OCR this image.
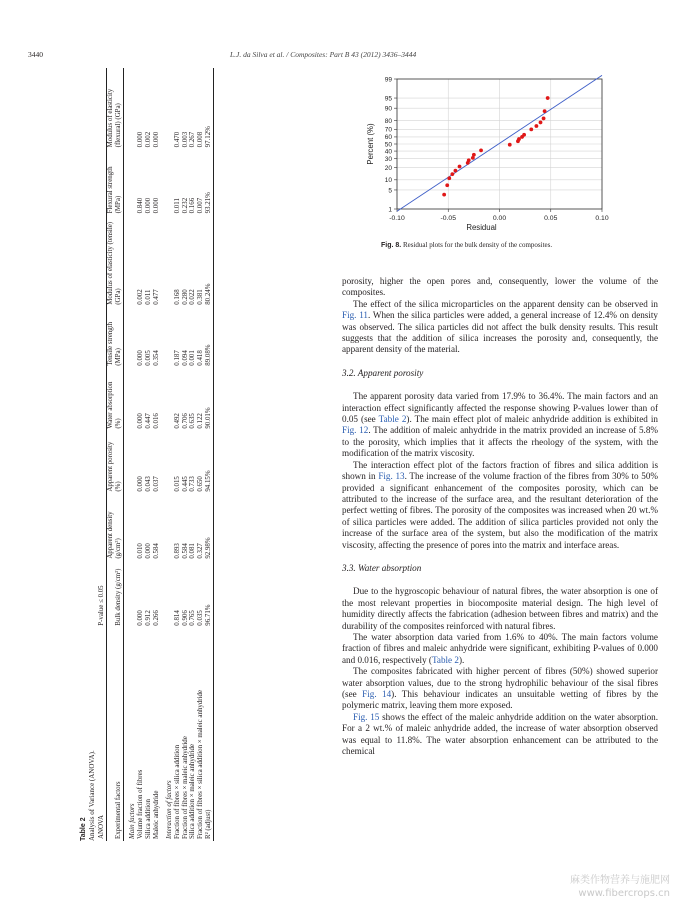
3440	L.J. da Silva et al. / Composites: Part B 43 (2012) 3436–3444
Table 2
Analysis of Variance (ANOVA). ANOVA	P-value ≤ 0.05							
Experimental factors	Bulk density (g/cm³)	Apparent density (g/cm³)	Apparent porosity (%)	Water absorption (%)	Tensile strength (MPa)	Modulus of elasticity (tensile) (GPa)	Flexural strength (MPa)	Modulus of elasticity (flexural) (GPa)
Main factors								
Volume fraction of fibres	0.000	0.010	0.000	0.000	0.000	0.002	0.840	0.000
Silica addition	0.912	0.000	0.043	0.447	0.005	0.011	0.000	0.002
Maleic anhydride	0.266	0.584	0.037	0.016	0.354	0.477	0.000	0.000
Interaction of factors								
Fraction of fibres × silica addition	0.814	0.893	0.015	0.492	0.187	0.168	0.011	0.470
Fraction of fibres × maleic anhydride	0.906	0.584	0.445	0.706	0.094	0.280	0.232	0.003
Silica addition × maleic anhydride	0.765	0.081	0.733	0.635	0.001	0.022	0.166	0.267
Fraction of fibres × silica addition × maleic anhydride	0.035	0.327	0.650	0.122	0.418	0.381	0.007	0.008
R² (adjust)	96.71%	92.98%	94.15%	90.01%	89.08%	80.24%	93.21%	97.12%
1
5
10
20
30
40
50
60
70
80
90
95
99
-0.10	-0.05	0.00	0.05	0.10
Residual
Percent (%)
Fig. 8. Residual plots for the bulk density of the composites.

porosity, higher the open pores and, consequently, lower the volume of the composites.

The effect of the silica microparticles on the apparent density can be observed in Fig. 11. When the silica particles were added, a general increase of 12.4% on density was observed. The silica particles did not affect the bulk density results. This result suggests that the addition of silica increases the porosity and, consequently, the apparent density of the material.

3.2. Apparent porosity

The apparent porosity data varied from 17.9% to 36.4%. The main factors and an interaction effect significantly affected the response showing P-values lower than of 0.05 (see Table 2). The main effect plot of maleic anhydride addition is exhibited in Fig. 12. The addition of maleic anhydride in the matrix provided an increase of 5.8% to the porosity, which implies that it affects the rheology of the system, with the modification of the matrix viscosity.

The interaction effect plot of the factors fraction of fibres and silica addition is shown in Fig. 13. The increase of the volume fraction of the fibres from 30% to 50% provided a significant enhancement of the composites porosity, which can be attributed to the increase of the surface area, and the resultant deterioration of the perfect wetting of fibres. The porosity of the composites was increased when 20 wt.% of silica particles were added. The addition of silica particles provided not only the increase of the surface area of the system, but also the modification of the matrix viscosity, affecting the presence of pores into the matrix and interface areas.

3.3. Water absorption

Due to the hygroscopic behaviour of natural fibres, the water absorption is one of the most relevant properties in biocomposite material design. The high level of humidity directly affects the fabrication (adhesion between fibres and matrix) and the durability of the composites reinforced with natural fibres.

The water absorption data varied from 1.6% to 40%. The main factors volume fraction of fibres and maleic anhydride were significant, exhibiting P-values of 0.000 and 0.016, respectively (Table 2).

The composites fabricated with higher percent of fibres (50%) showed superior water absorption values, due to the strong hydrophilic behaviour of the sisal fibres (see Fig. 14). This behaviour indicates an unsuitable wetting of fibres by the polymeric matrix, leaving them more exposed.

Fig. 15 shows the effect of the maleic anhydride addition on the water absorption. For a 2 wt.% of maleic anhydride added, the increase of water absorption observed was equal to 11.8%. The water absorption enhancement can be attributed to the chemical

麻类作物营养与施肥网
www.fibercrops.cn
